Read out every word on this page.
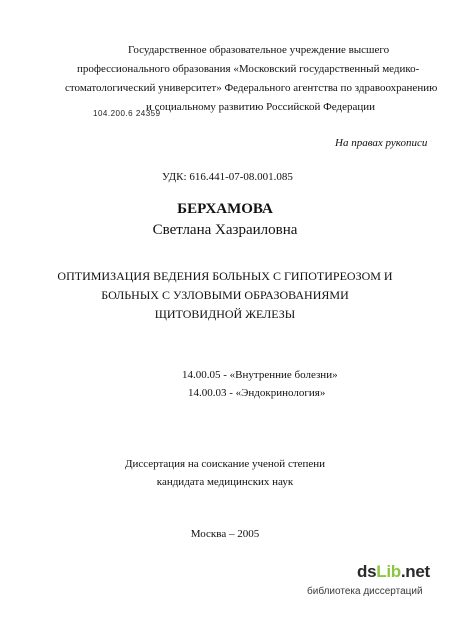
Государственное образовательное учреждение высшего
профессионального образования «Московский государственный медико-
стоматологический университет» Федерального агентства по здравоохранению
и социальному развитию Российской Федерации
104.200.6 24359
На правах рукописи
УДК: 616.441-07-08.001.085
БЕРХАМОВА
Светлана Хазраиловна
ОПТИМИЗАЦИЯ ВЕДЕНИЯ БОЛЬНЫХ С ГИПОТИРЕОЗОМ И
БОЛЬНЫХ С УЗЛОВЫМИ ОБРАЗОВАНИЯМИ
ЩИТОВИДНОЙ ЖЕЛЕЗЫ
14.00.05 - «Внутренние болезни»
14.00.03 - «Эндокринология»
Диссертация на соискание ученой степени
кандидата медицинских наук
Москва – 2005
dsLib.net
библиотека диссертаций
